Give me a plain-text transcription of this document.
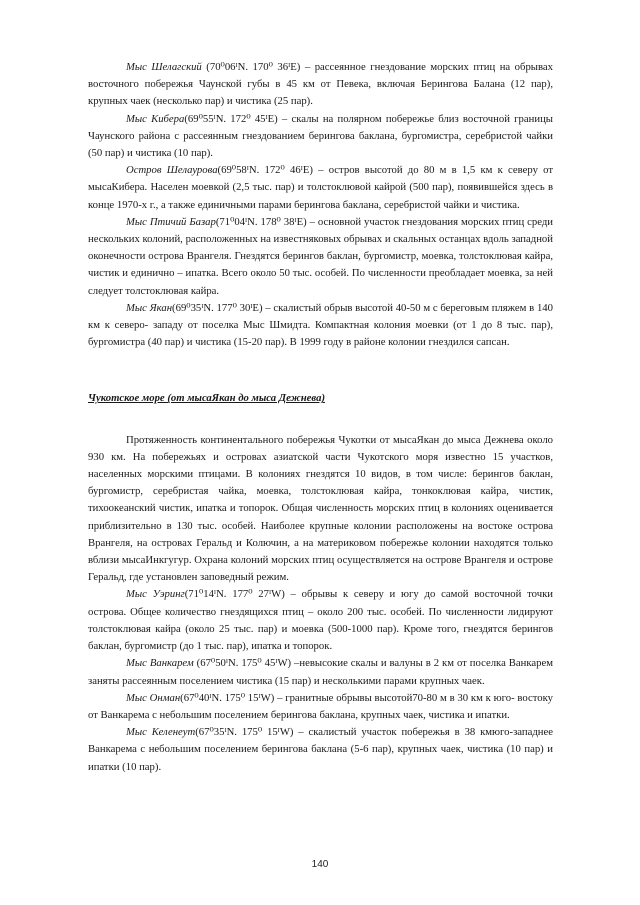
Мыс Шелагский (70⁰06ᴵN. 170⁰ 36ᴵE) – рассеянное гнездование морских птиц на обрывах восточного побережья Чаунской губы в 45 км от Певека, включая Берингова Балана (12 пар), крупных чаек (несколько пар) и чистика (25 пар).

Мыс Кибера(69⁰55ᴵN. 172⁰ 45ᴵE) – скалы на полярном побережье близ восточной границы Чаунского района с рассеянным гнездованием берингова баклана, бургомистра, серебристой чайки (50 пар) и чистика (10 пар).

Остров Шелаурова(69⁰58ᴵN. 172⁰ 46ᴵE) – остров высотой до 80 м в 1,5 км к северу от мысаКибера. Населен моевкой (2,5 тыс. пар) и толстоклювой кайрой (500 пар), появившейся здесь в конце 1970-х г., а также единичными парами берингова баклана, серебристой чайки и чистика.

Мыс Птичий Базар(71⁰04ᴵN. 178⁰ 38ᴵE) – основной участок гнездования морских птиц среди нескольких колоний, расположенных на известняковых обрывах и скальных останцах вдоль западной оконечности острова Врангеля. Гнездятся берингов баклан, бургомистр, моевка, толстоклювая кайра, чистик и единично – ипатка. Всего около 50 тыс. особей. По численности преобладает моевка, за ней следует толстоклювая кайра.

Мыс Якан(69⁰35ᴵN. 177⁰ 30ᴵE) – скалистый обрыв высотой 40-50 м с береговым пляжем в 140 км к северо- западу от поселка Мыс Шмидта. Компактная колония моевки (от 1 до 8 тыс. пар), бургомистра (40 пар) и чистика (15-20 пар). В 1999 году в районе колонии гнездился сапсан.

Чукотское море (от мысаЯкан до мыса Дежнева)

Протяженность континентального побережья Чукотки от мысаЯкан до мыса Дежнева около 930 км. На побережьях и островах азиатской части Чукотского моря известно 15 участков, населенных морскими птицами. В колониях гнездятся 10 видов, в том числе: берингов баклан, бургомистр, серебристая чайка, моевка, толстоклювая кайра, тонкоклювая кайра, чистик, тихоокеанский чистик, ипатка и топорок. Общая численность морских птиц в колониях оценивается приблизительно в 130 тыс. особей. Наиболее крупные колонии расположены на востоке острова Врангеля, на островах Геральд и Колючин, а на материковом побережье колонии находятся только вблизи мысаИнкгугур. Охрана колоний морских птиц осуществляется на острове Врангеля и острове Геральд, где установлен заповедный режим.

Мыс Уэринг(71⁰14ᴵN. 177⁰ 27ᴵW) – обрывы к северу и югу до самой восточной точки острова. Общее количество гнездящихся птиц – около 200 тыс. особей. По численности лидируют толстоклювая кайра (около 25 тыс. пар) и моевка (500-1000 пар). Кроме того, гнездятся берингов баклан, бургомистр (до 1 тыс. пар), ипатка и топорок.

Мыс Ванкарем (67⁰50ᴵN. 175⁰ 45ᴵW) –невысокие скалы и валуны в 2 км от поселка Ванкарем заняты рассеянным поселением чистика (15 пар) и несколькими парами крупных чаек.

Мыс Онман(67⁰40ᴵN. 175⁰ 15ᴵW) – гранитные обрывы высотой70-80 м в 30 км к юго- востоку от Ванкарема с небольшим поселением берингова баклана, крупных чаек, чистика и ипатки.

Мыс Келенеут(67⁰35ᴵN. 175⁰ 15ᴵW) – скалистый участок побережья в 38 кмюго-западнее Ванкарема с небольшим поселением берингова баклана (5-6 пар), крупных чаек, чистика (10 пар) и ипатки (10 пар).

140
